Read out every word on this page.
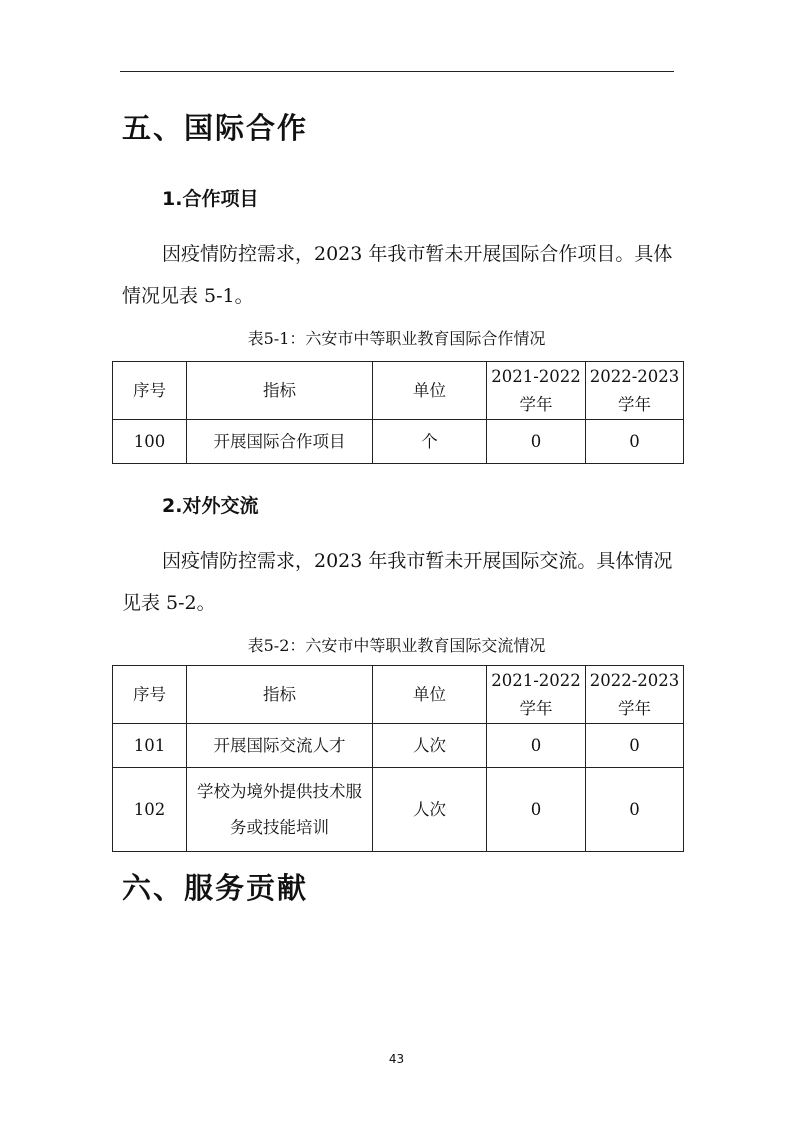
五、国际合作
1.合作项目

因疫情防控需求，2023 年我市暂未开展国际合作项目。具体情况见表 5-1。

表5-1：六安市中等职业教育国际合作情况
序号	指标	单位	2021-2022 学年	2022-2023 学年
100	开展国际合作项目	个	0	0
2.对外交流

因疫情防控需求，2023 年我市暂未开展国际交流。具体情况见表 5-2。

表5-2：六安市中等职业教育国际交流情况
序号	指标	单位	2021-2022 学年	2022-2023 学年
101	开展国际交流人才	人次	0	0
102	学校为境外提供技术服务或技能培训	人次	0	0
六、服务贡献
43
